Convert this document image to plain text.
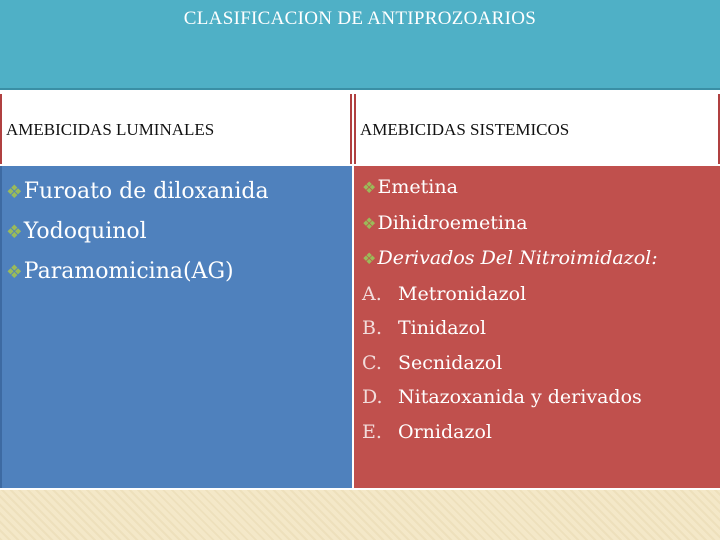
CLASIFICACION DE ANTIPROZOARIOS
AMEBICIDAS LUMINALES	AMEBICIDAS SISTEMICOS
❖Furoato de diloxanida
❖Yodoquinol
❖Paramomicina(AG)
❖Emetina
❖Dihidroemetina
❖Derivados Del Nitroimidazol:
A. Metronidazol
B. Tinidazol
C. Secnidazol
D. Nitazoxanida y derivados
E. Ornidazol
